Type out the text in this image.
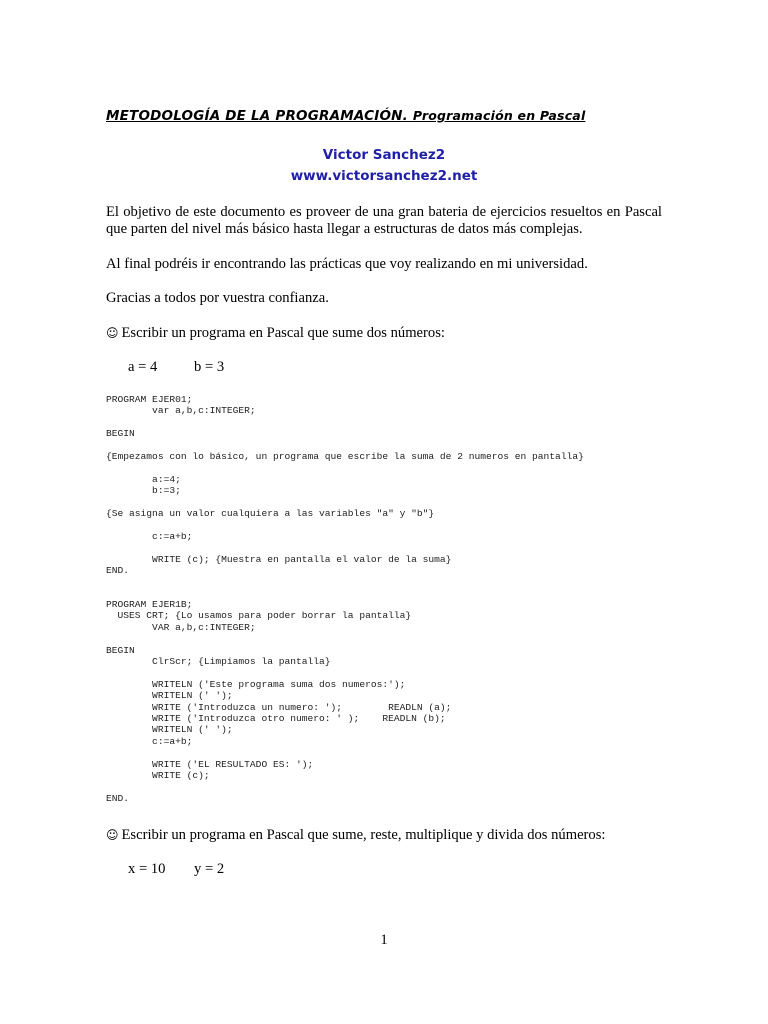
METODOLOGÍA DE LA PROGRAMACIÓN. Programación en Pascal
Victor Sanchez2
www.victorsanchez2.net
El objetivo de este documento es proveer de una gran bateria de ejercicios resueltos en Pascal que parten del nivel más básico hasta llegar a estructuras de datos más complejas.
Al final podréis ir encontrando las prácticas que voy realizando en mi universidad.
Gracias a todos por vuestra confianza.
☺ Escribir un programa en Pascal que sume dos números:
a = 4	b = 3
PROGRAM EJER01;
var a,b,c:INTEGER;

BEGIN

{Empezamos con lo básico, un programa que escribe la suma de 2 numeros en pantalla}

a:=4;
b:=3;

{Se asigna un valor cualquiera a las variables "a" y "b"}

c:=a+b;

WRITE (c); {Muestra en pantalla el valor de la suma}
END.
PROGRAM EJER1B;
USES CRT; {Lo usamos para poder borrar la pantalla}
VAR a,b,c:INTEGER;

BEGIN
ClrScr; {Limpiamos la pantalla}

WRITELN ('Este programa suma dos numeros:');
WRITELN (' ');
WRITE ('Introduzca un numero: ');        READLN (a);
WRITE ('Introduzca otro numero: ' );    READLN (b);
WRITELN (' ');
c:=a+b;

WRITE ('EL RESULTADO ES: ');
WRITE (c);

END.
☺ Escribir un programa en Pascal que sume, reste, multiplique y divida dos números:
x = 10 y = 2
1
